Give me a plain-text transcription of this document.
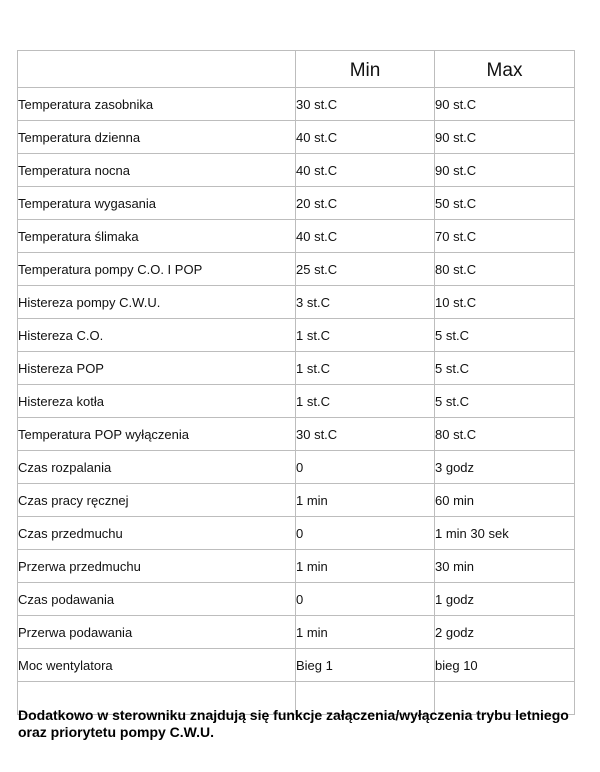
	Min	Max
Temperatura zasobnika	30 st.C	90 st.C
Temperatura dzienna	40 st.C	90 st.C
Temperatura nocna	40 st.C	90 st.C
Temperatura wygasania	20 st.C	50 st.C
Temperatura ślimaka	40 st.C	70 st.C
Temperatura pompy C.O. I POP	25 st.C	80 st.C
Histereza pompy C.W.U.	3 st.C	10 st.C
Histereza C.O.	1 st.C	5 st.C
Histereza POP	1 st.C	5 st.C
Histereza kotła	1 st.C	5 st.C
Temperatura POP wyłączenia	30 st.C	80 st.C
Czas rozpalania	0	3 godz
Czas pracy ręcznej	1 min	60 min
Czas przedmuchu	0	1 min 30 sek
Przerwa przedmuchu	1 min	30 min
Czas podawania	0	1 godz
Przerwa podawania	1 min	2 godz
Moc wentylatora	Bieg 1	bieg 10

Dodatkowo w sterowniku znajdują się funkcje załączenia/wyłączenia trybu letniego oraz priorytetu pompy C.W.U.
